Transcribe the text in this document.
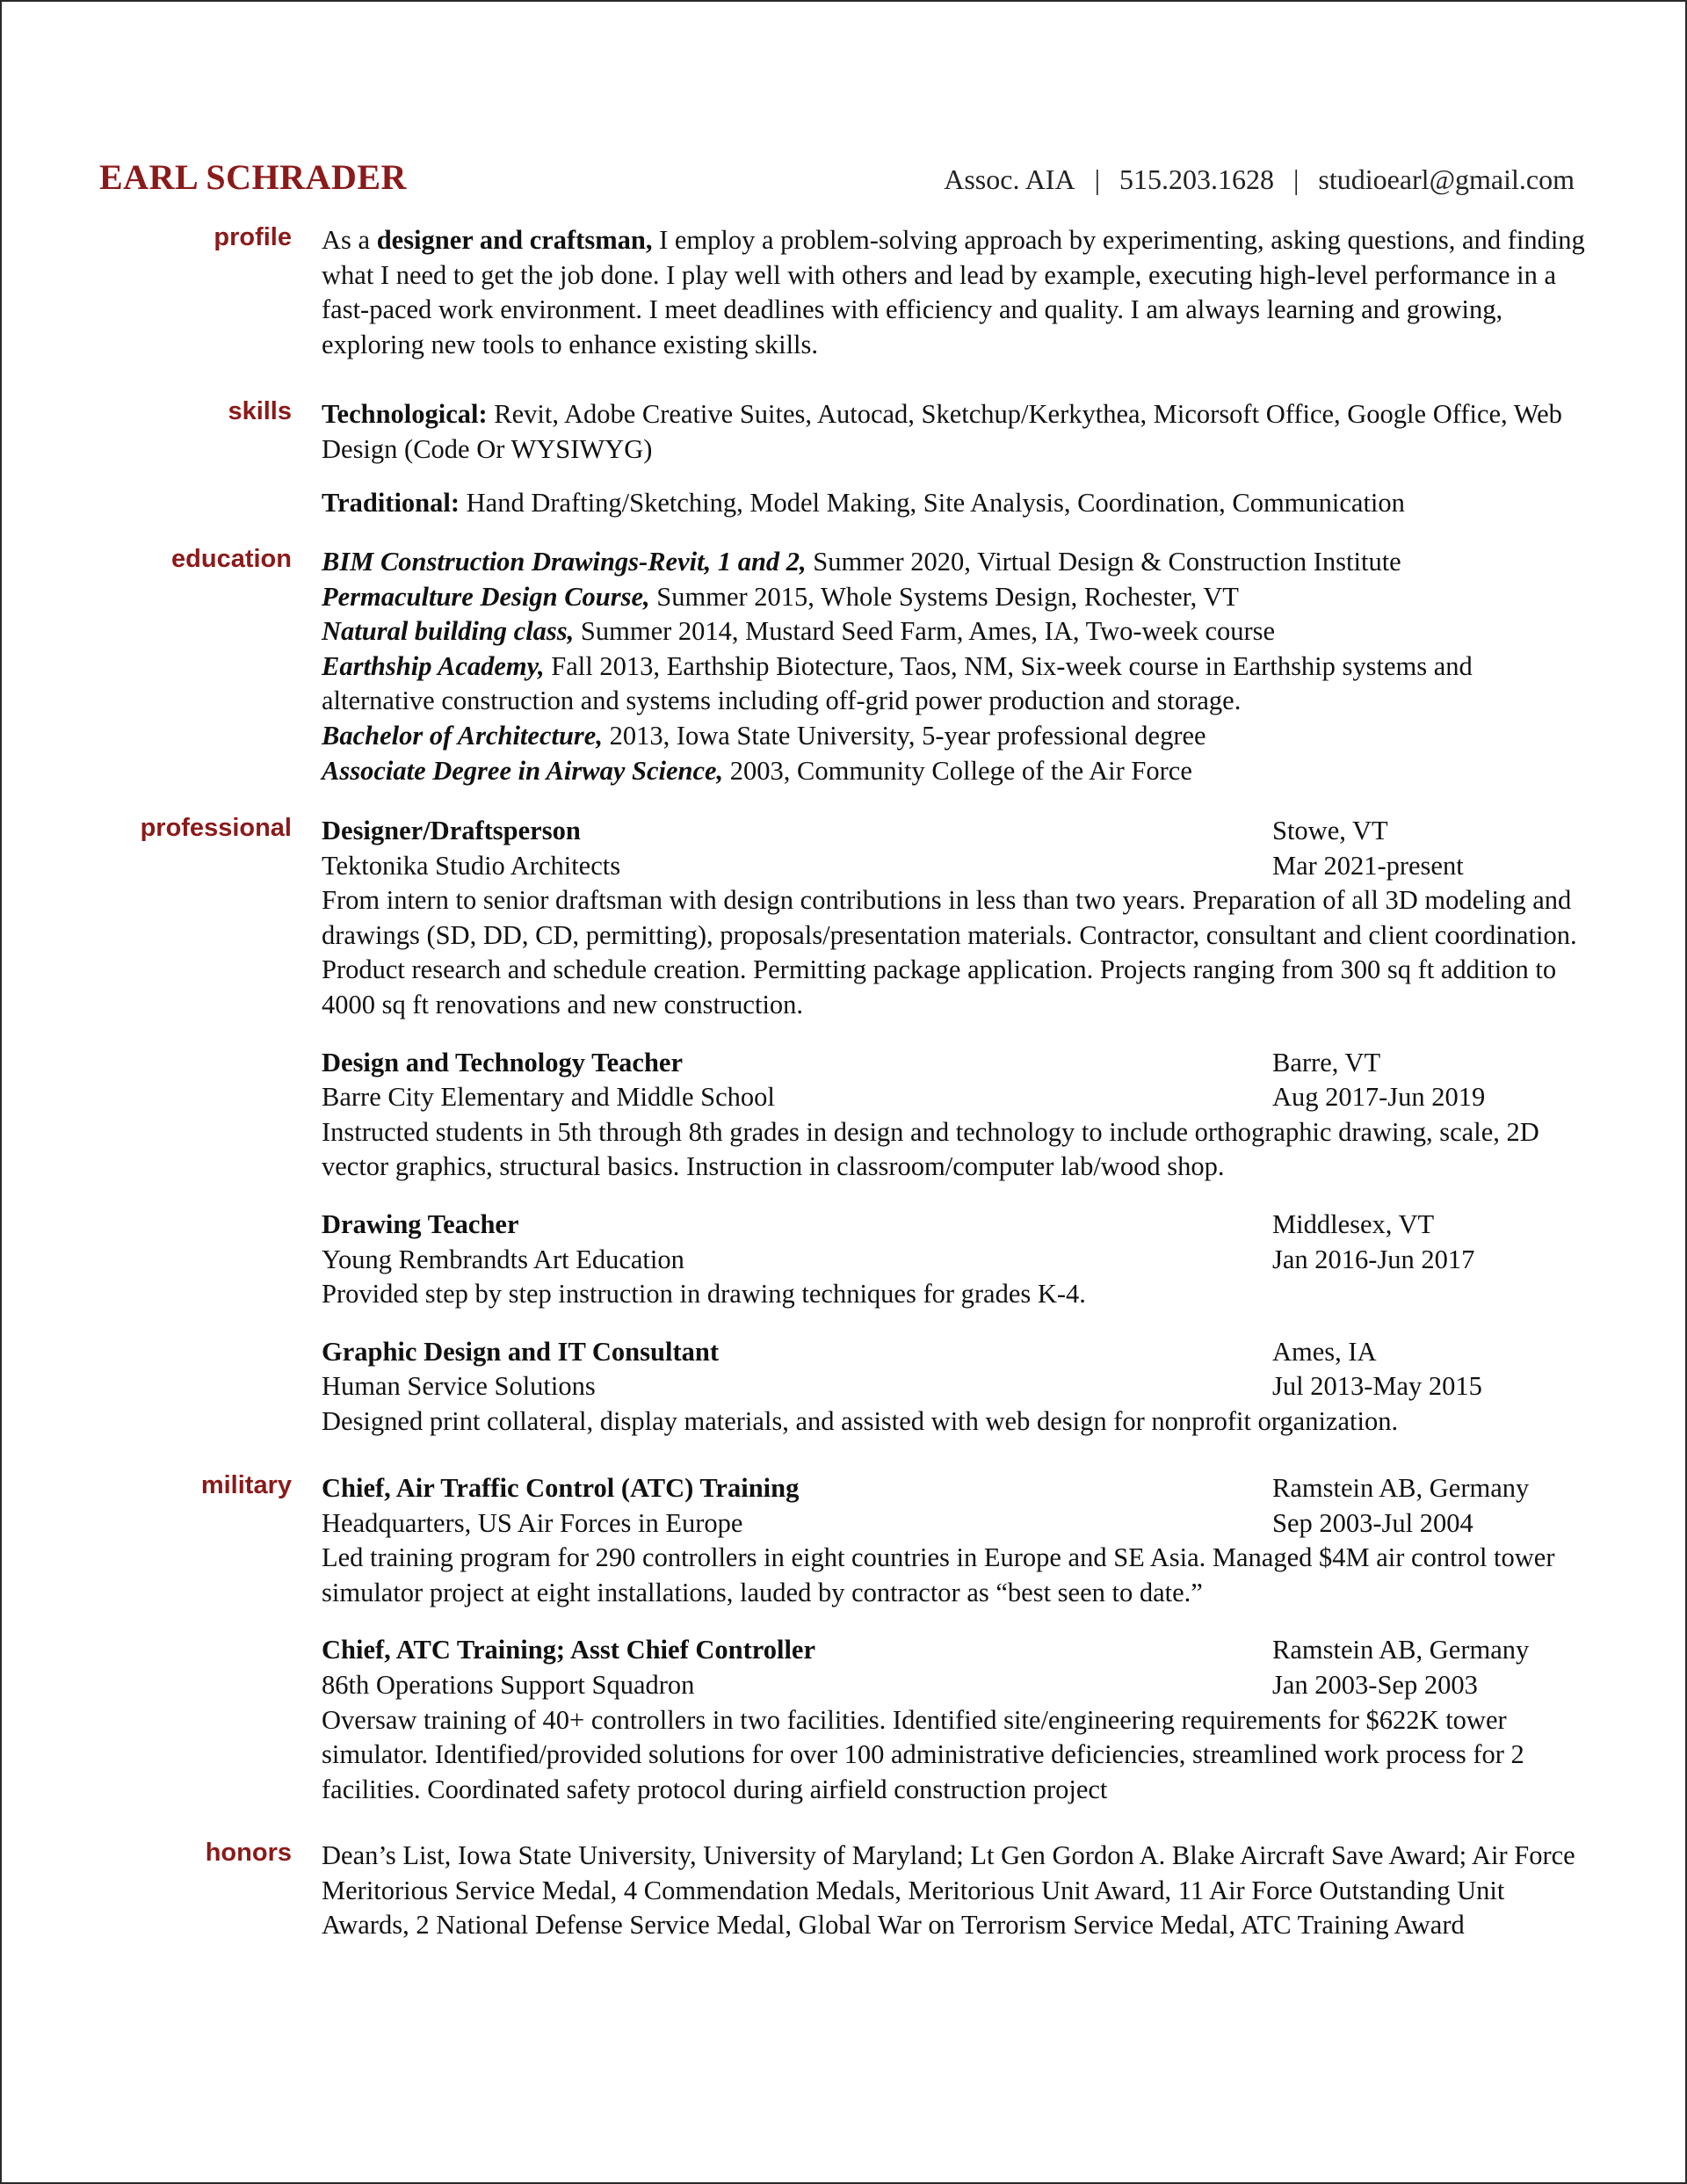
EARL SCHRADER	Assoc. AIA | 515.203.1628 | studioearl@gmail.com
profile As a designer and craftsman, I employ a problem-solving approach by experimenting, asking questions, and finding what I need to get the job done. I play well with others and lead by example, executing high-level performance in a fast-paced work environment. I meet deadlines with efficiency and quality. I am always learning and growing, exploring new tools to enhance existing skills.

skills Technological: Revit, Adobe Creative Suites, Autocad, Sketchup/Kerkythea, Micorsoft Office, Google Office, Web Design (Code Or WYSIWYG)

Traditional: Hand Drafting/Sketching, Model Making, Site Analysis, Coordination, Communication

education BIM Construction Drawings-Revit, 1 and 2, Summer 2020, Virtual Design & Construction Institute

Permaculture Design Course, Summer 2015, Whole Systems Design, Rochester, VT

Natural building class, Summer 2014, Mustard Seed Farm, Ames, IA, Two-week course

Earthship Academy, Fall 2013, Earthship Biotecture, Taos, NM, Six-week course in Earthship systems and alternative construction and systems including off-grid power production and storage.

Bachelor of Architecture, 2013, Iowa State University, 5-year professional degree

Associate Degree in Airway Science, 2003, Community College of the Air Force

professional Designer/Draftsperson	Stowe, VT
Tektonika Studio Architects	Mar 2021-present

From intern to senior draftsman with design contributions in less than two years. Preparation of all 3D modeling and drawings (SD, DD, CD, permitting), proposals/presentation materials. Contractor, consultant and client coordination. Product research and schedule creation. Permitting package application. Projects ranging from 300 sq ft addition to 4000 sq ft renovations and new construction.

Design and Technology Teacher	Barre, VT
Barre City Elementary and Middle School	Aug 2017-Jun 2019

Instructed students in 5th through 8th grades in design and technology to include orthographic drawing, scale, 2D vector graphics, structural basics. Instruction in classroom/computer lab/wood shop.

Drawing Teacher	Middlesex, VT
Young Rembrandts Art Education	Jan 2016-Jun 2017

Provided step by step instruction in drawing techniques for grades K-4.

Graphic Design and IT Consultant	Ames, IA
Human Service Solutions	Jul 2013-May 2015

Designed print collateral, display materials, and assisted with web design for nonprofit organization.

military Chief, Air Traffic Control (ATC) Training	Ramstein AB, Germany
Headquarters, US Air Forces in Europe	Sep 2003-Jul 2004

Led training program for 290 controllers in eight countries in Europe and SE Asia. Managed $4M air control tower simulator project at eight installations, lauded by contractor as “best seen to date.”

Chief, ATC Training; Asst Chief Controller	Ramstein AB, Germany
86th Operations Support Squadron	Jan 2003-Sep 2003

Oversaw training of 40+ controllers in two facilities. Identified site/engineering requirements for $622K tower simulator. Identified/provided solutions for over 100 administrative deficiencies, streamlined work process for 2 facilities. Coordinated safety protocol during airfield construction project

honors Dean’s List, Iowa State University, University of Maryland; Lt Gen Gordon A. Blake Aircraft Save Award; Air Force Meritorious Service Medal, 4 Commendation Medals, Meritorious Unit Award, 11 Air Force Outstanding Unit Awards, 2 National Defense Service Medal, Global War on Terrorism Service Medal, ATC Training Award
